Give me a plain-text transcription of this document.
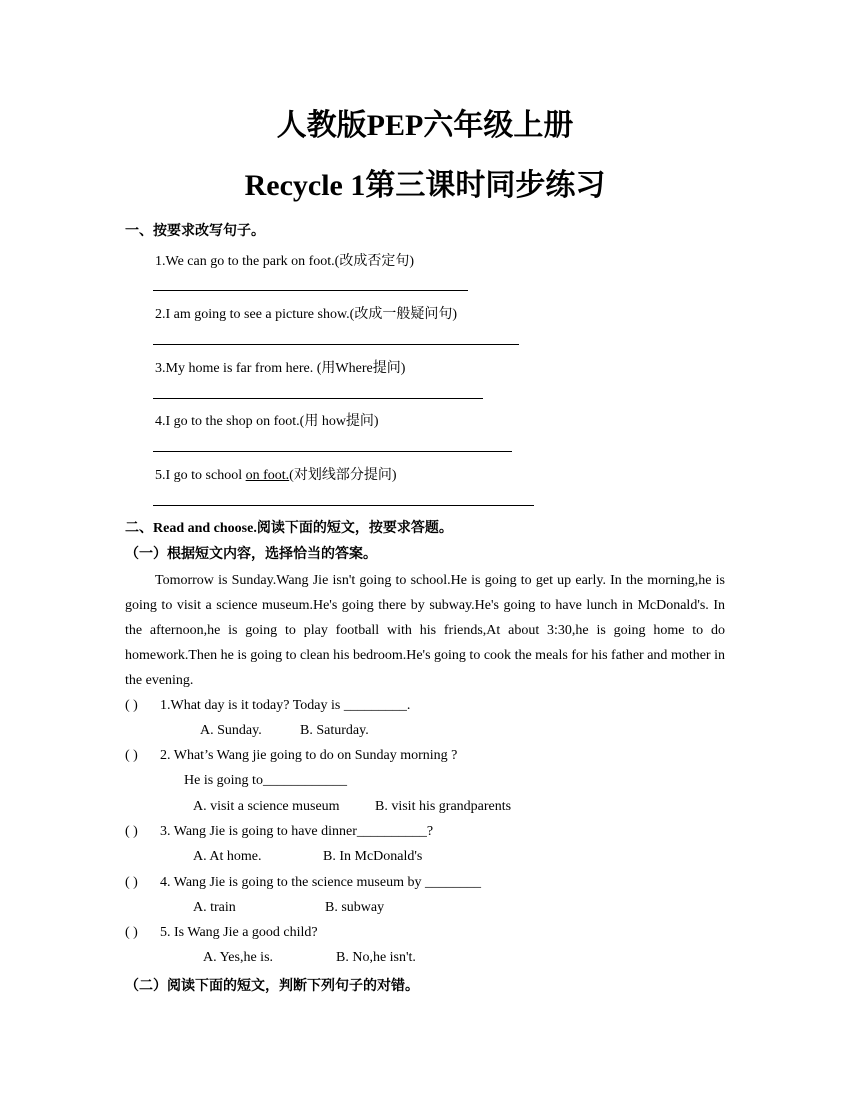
人教版PEP六年级上册
Recycle 1第三课时同步练习
一、按要求改写句子。
1.We can go to the park on foot.(改成否定句)
2.I am going to see a picture show.(改成一般疑问句)
3.My home is far from here. (用Where提问)
4.I go to the shop on foot.(用 how提问)
5.I go to school on foot.(对划线部分提问)
二、Read and choose.阅读下面的短文，按要求答题。
（一）根据短文内容，选择恰当的答案。
Tomorrow is Sunday.Wang Jie isn't going to school.He is going to get up early. In the morning,he is going to visit a science museum.He's going there by subway.He's going to have lunch in McDonald's. In the afternoon,he is going to play football with his friends,At about 3:30,he is going home to do homework.Then he is going to clean his bedroom.He's going to cook the meals for his father and mother in the evening.
( ) 1.What day is it today? Today is _________.
A. Sunday.	B. Saturday.
( ) 2. What’s Wang jie going to do on Sunday morning ?
He is going to____________
A. visit a science museum	B. visit his grandparents
( ) 3. Wang Jie is going to have dinner__________?
A. At home.	B. In McDonald's
( ) 4. Wang Jie is going to the science museum by ________
A. train	B. subway
( ) 5. Is Wang Jie a good child?
A. Yes,he is.	B. No,he isn't.
（二）阅读下面的短文，判断下列句子的对错。
